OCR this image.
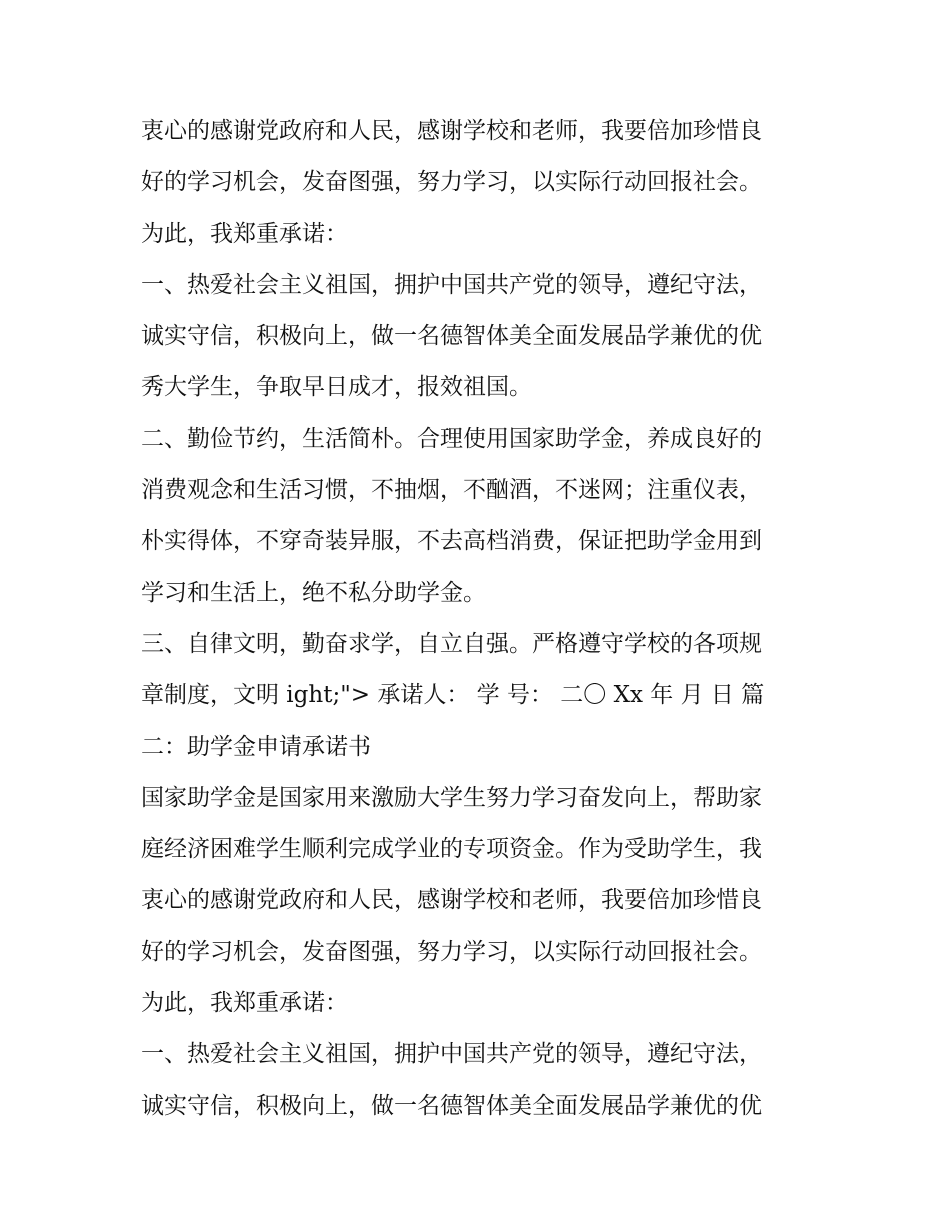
衷心的感谢党政府和人民，感谢学校和老师，我要倍加珍惜良
好的学习机会，发奋图强，努力学习，以实际行动回报社会。
为此，我郑重承诺：
一、热爱社会主义祖国，拥护中国共产党的领导，遵纪守法，
诚实守信，积极向上，做一名德智体美全面发展品学兼优的优
秀大学生，争取早日成才，报效祖国。
二、勤俭节约，生活简朴。合理使用国家助学金，养成良好的
消费观念和生活习惯，不抽烟，不酗酒，不迷网；注重仪表，
朴实得体，不穿奇装异服，不去高档消费，保证把助学金用到
学习和生活上，绝不私分助学金。
三、自律文明，勤奋求学，自立自强。严格遵守学校的各项规
章制度，文明 ight;"> 承诺人： 学 号： 二〇 Xx 年 月 日 篇
二：助学金申请承诺书
国家助学金是国家用来激励大学生努力学习奋发向上，帮助家
庭经济困难学生顺利完成学业的专项资金。作为受助学生，我
衷心的感谢党政府和人民，感谢学校和老师，我要倍加珍惜良
好的学习机会，发奋图强，努力学习，以实际行动回报社会。
为此，我郑重承诺：
一、热爱社会主义祖国，拥护中国共产党的领导，遵纪守法，
诚实守信，积极向上，做一名德智体美全面发展品学兼优的优
